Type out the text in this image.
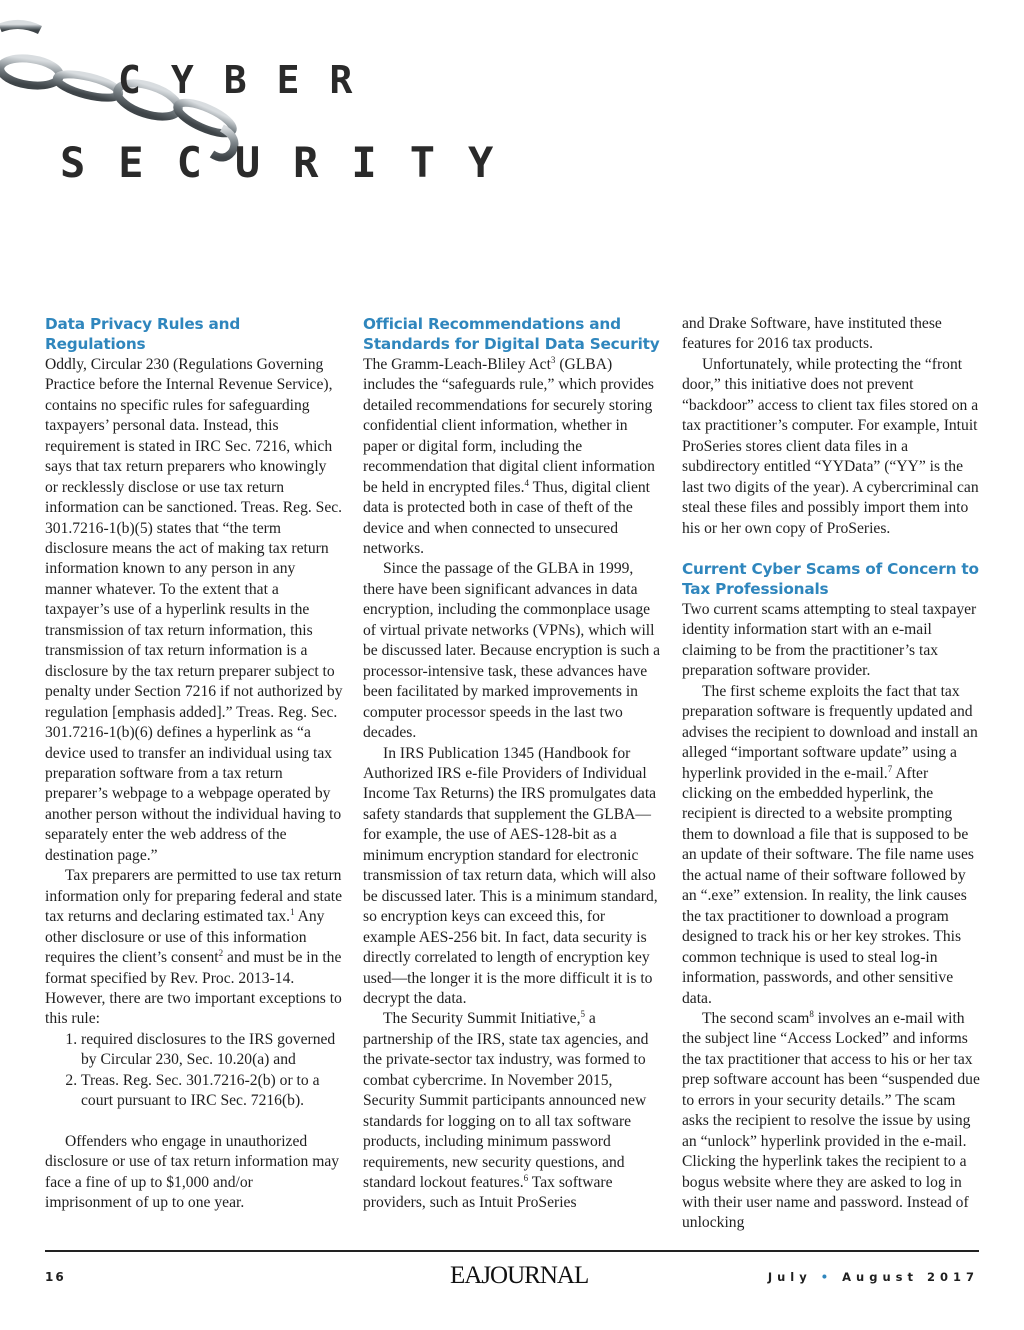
CYBER
SECURITY
Data Privacy Rules and Regulations

Oddly, Circular 230 (Regulations Governing Practice before the Internal Revenue Service), contains no specific rules for safeguarding taxpayers’ personal data. Instead, this requirement is stated in IRC Sec. 7216, which says that tax return preparers who knowingly or recklessly disclose or use tax return information can be sanctioned. Treas. Reg. Sec. 301.7216-1(b)(5) states that “the term disclosure means the act of making tax return information known to any person in any manner whatever. To the extent that a taxpayer’s use of a hyperlink results in the transmission of tax return information, this transmission of tax return information is a disclosure by the tax return preparer subject to penalty under Section 7216 if not authorized by regulation [emphasis added].” Treas. Reg. Sec. 301.7216-1(b)(6) defines a hyperlink as “a device used to transfer an individual using tax preparation software from a tax return preparer’s webpage to a webpage operated by another person without the individual having to separately enter the web address of the destination page.”

Tax preparers are permitted to use tax return information only for preparing federal and state tax returns and declaring estimated tax.$^1$ Any other disclosure or use of this information requires the client’s consent$^2$ and must be in the format specified by Rev. Proc. 2013-14. However, there are two important exceptions to this rule:

1. required disclosures to the IRS governed by Circular 230, Sec. 10.20(a) and
2. Treas. Reg. Sec. 301.7216-2(b) or to a court pursuant to IRC Sec. 7216(b).

Offenders who engage in unauthorized disclosure or use of tax return information may face a fine of up to $1,000 and/or imprisonment of up to one year.

Official Recommendations and Standards for Digital Data Security

The Gramm-Leach-Bliley Act$^3$ (GLBA) includes the “safeguards rule,” which provides detailed recommendations for securely storing confidential client information, whether in paper or digital form, including the recommendation that digital client information be held in encrypted files.$^4$ Thus, digital client data is protected both in case of theft of the device and when connected to unsecured networks.

Since the passage of the GLBA in 1999, there have been significant advances in data encryption, including the commonplace usage of virtual private networks (VPNs), which will be discussed later. Because encryption is such a processor-intensive task, these advances have been facilitated by marked improvements in computer processor speeds in the last two decades.

In IRS Publication 1345 (Handbook for Authorized IRS e-file Providers of Individual Income Tax Returns) the IRS promulgates data safety standards that supplement the GLBA—for example, the use of AES-128-bit as a minimum encryption standard for electronic transmission of tax return data, which will also be discussed later. This is a minimum standard, so encryption keys can exceed this, for example AES-256 bit. In fact, data security is directly correlated to length of encryption key used—the longer it is the more difficult it is to decrypt the data.

The Security Summit Initiative,$^5$ a partnership of the IRS, state tax agencies, and the private-sector tax industry, was formed to combat cybercrime. In November 2015, Security Summit participants announced new standards for logging on to all tax software products, including minimum password requirements, new security questions, and standard lockout features.$^6$ Tax software providers, such as Intuit ProSeries

and Drake Software, have instituted these features for 2016 tax products.

Unfortunately, while protecting the “front door,” this initiative does not prevent “backdoor” access to client tax files stored on a tax practitioner’s computer. For example, Intuit ProSeries stores client data files in a subdirectory entitled “YYData” (“YY” is the last two digits of the year). A cybercriminal can steal these files and possibly import them into his or her own copy of ProSeries.

Current Cyber Scams of Concern to Tax Professionals

Two current scams attempting to steal taxpayer identity information start with an e-mail claiming to be from the practitioner’s tax preparation software provider.

The first scheme exploits the fact that tax preparation software is frequently updated and advises the recipient to download and install an alleged “important software update” using a hyperlink provided in the e-mail.$^7$ After clicking on the embedded hyperlink, the recipient is directed to a website prompting them to download a file that is supposed to be an update of their software. The file name uses the actual name of their software followed by an “.exe” extension. In reality, the link causes the tax practitioner to download a program designed to track his or her key strokes. This common technique is used to steal log-in information, passwords, and other sensitive data.

The second scam$^8$ involves an e-mail with the subject line “Access Locked” and informs the tax practitioner that access to his or her tax prep software account has been “suspended due to errors in your security details.” The scam asks the recipient to resolve the issue by using an “unlock” hyperlink provided in the e-mail. Clicking the hyperlink takes the recipient to a bogus website where they are asked to log in with their user name and password. Instead of unlocking

16	EAJOURNAL	July • August 2017
